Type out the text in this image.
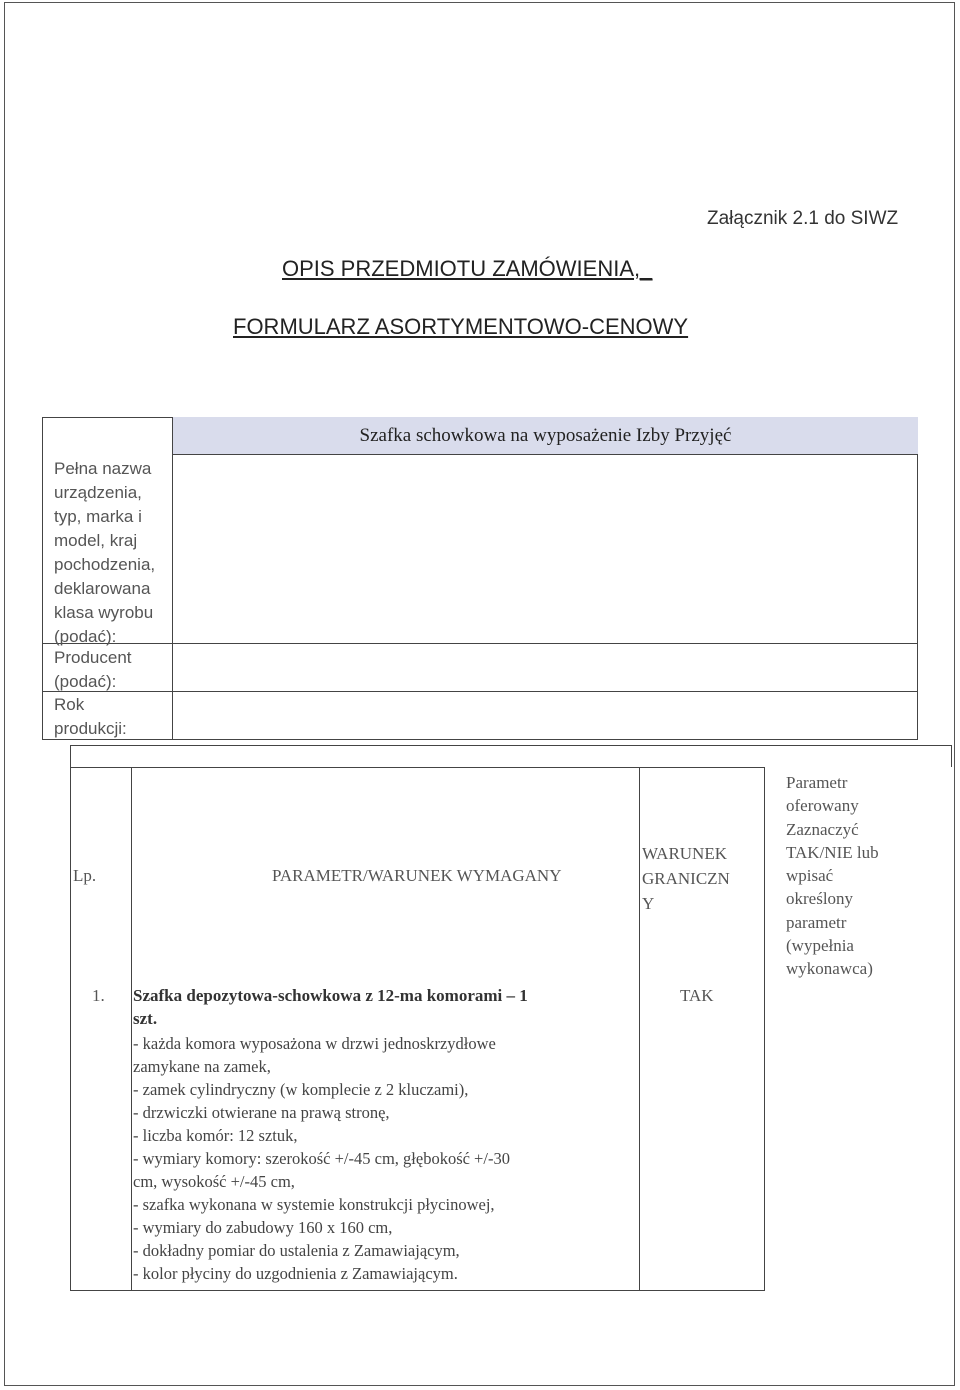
Załącznik 2.1 do SIWZ
OPIS PRZEDMIOTU ZAMÓWIENIA,_
FORMULARZ ASORTYMENTOWO-CENOWY
Szafka schowkowa na wyposażenie Izby Przyjęć
Pełna nazwa
urządzenia,
typ, marka i
model, kraj
pochodzenia,
deklarowana
klasa wyrobu
(podać):
Producent
(podać):
Rok
produkcji:
Lp.	PARAMETR/WARUNEK WYMAGANY
WARUNEK
GRANICZN
Y
Parametr
oferowany
Zaznaczyć
TAK/NIE lub
wpisać
określony
parametr
(wypełnia
wykonawca)
1. Szafka depozytowa-schowkowa z 12-ma komorami – 1
szt.
- każda komora wyposażona w drzwi jednoskrzydłowe
zamykane na zamek,
- zamek cylindryczny (w komplecie z 2 kluczami),
- drzwiczki otwierane na prawą stronę,
- liczba komór: 12 sztuk,
- wymiary komory: szerokość +/-45 cm, głębokość +/-30
cm, wysokość +/-45 cm,
- szafka wykonana w systemie konstrukcji płycinowej,
- wymiary do zabudowy 160 x 160 cm,
- dokładny pomiar do ustalenia z Zamawiającym,
- kolor płyciny do uzgodnienia z Zamawiającym.
TAK
